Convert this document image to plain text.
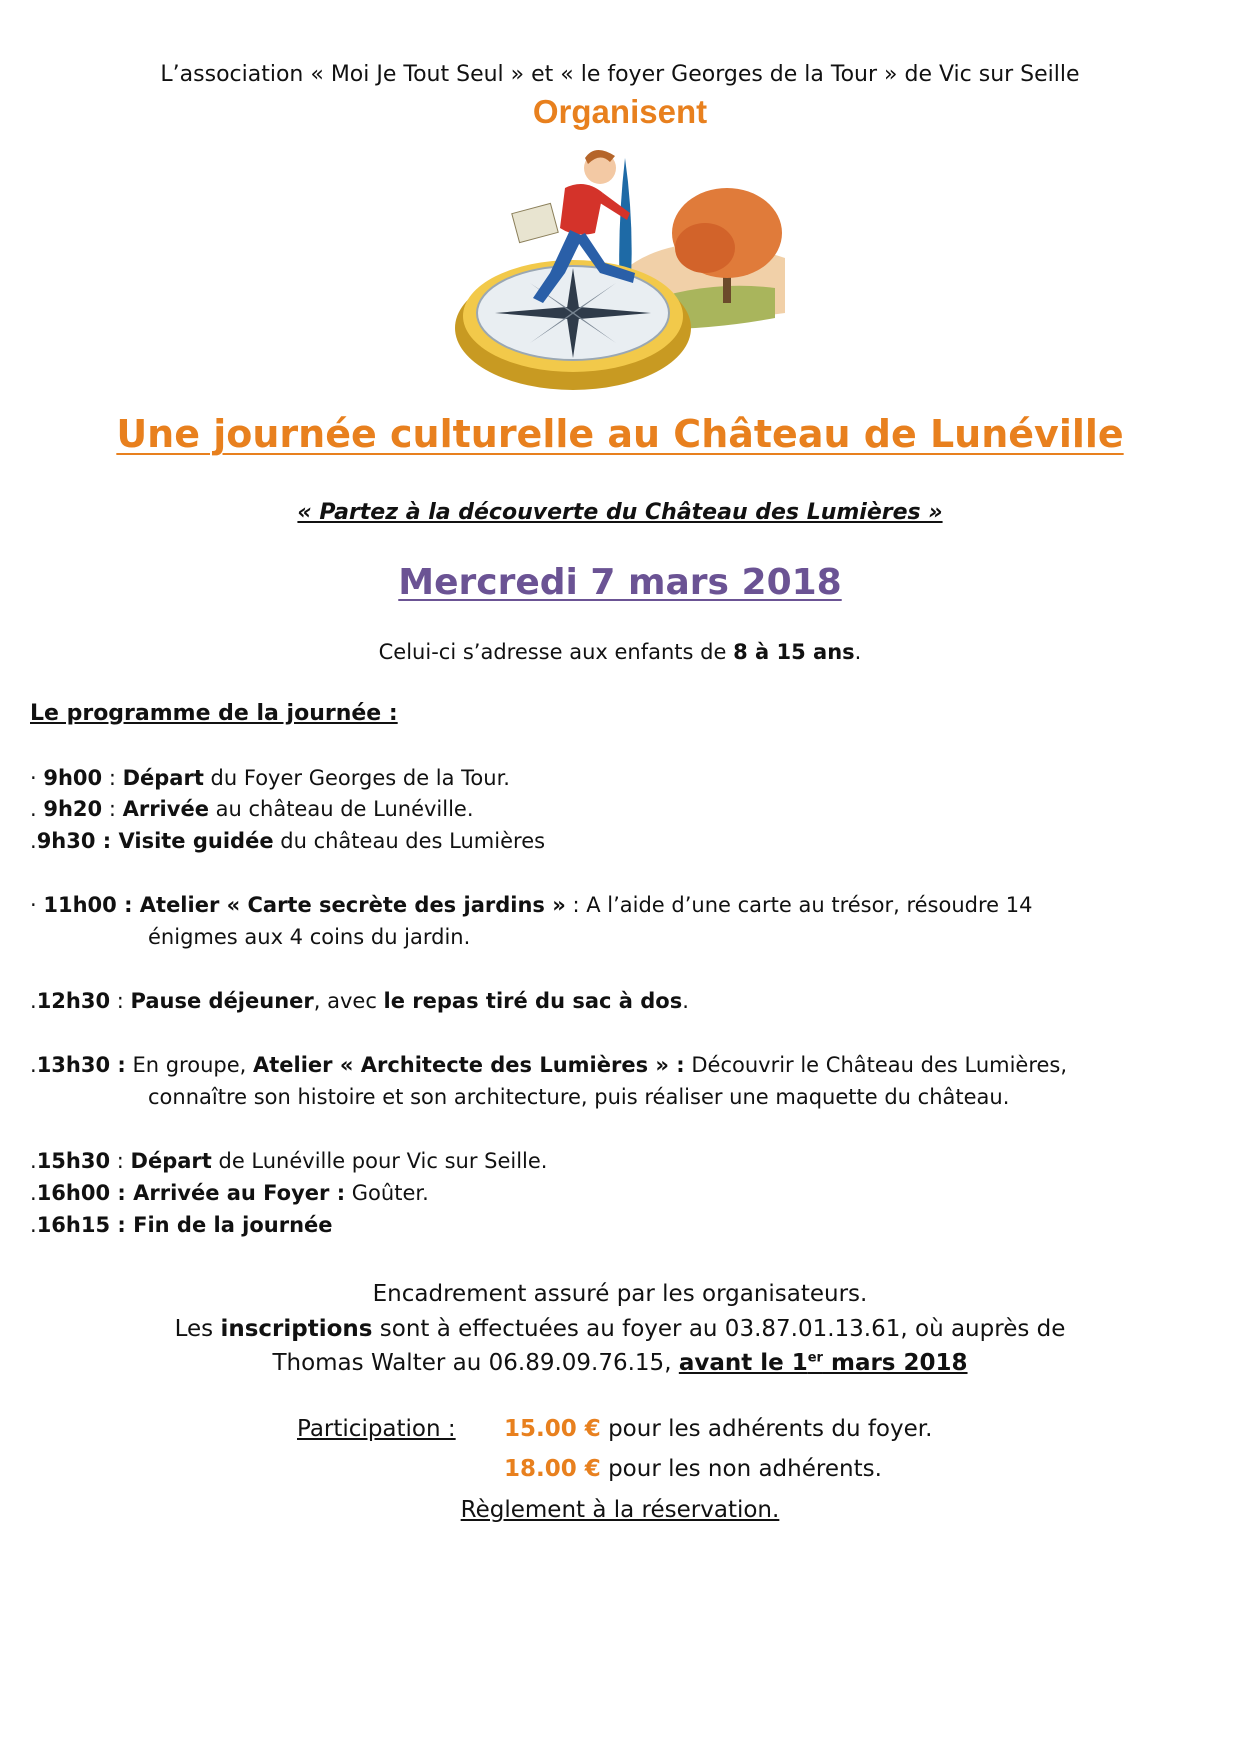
L’association « Moi Je Tout Seul » et « le foyer Georges de la Tour » de Vic sur Seille
Organisent
Une journée culturelle au Château de Lunéville
« Partez à la découverte du Château des Lumières »
Mercredi 7 mars 2018
Celui-ci s’adresse aux enfants de 8 à 15 ans.
Le programme de la journée :
· 9h00 : Départ du Foyer Georges de la Tour.
. 9h20 : Arrivée au château de Lunéville.
.9h30 : Visite guidée du château des Lumières
· 11h00 : Atelier « Carte secrète des jardins » : A l’aide d’une carte au trésor, résoudre 14
énigmes aux 4 coins du jardin.
.12h30 : Pause déjeuner, avec le repas tiré du sac à dos.
.13h30 : En groupe, Atelier « Architecte des Lumières » : Découvrir le Château des Lumières,
connaître son histoire et son architecture, puis réaliser une maquette du château.
.15h30 : Départ de Lunéville pour Vic sur Seille.
.16h00 : Arrivée au Foyer : Goûter.
.16h15 : Fin de la journée
Encadrement assuré par les organisateurs.
Les inscriptions sont à effectuées au foyer au 03.87.01.13.61, où auprès de
Thomas Walter au 06.89.09.76.15, avant le 1er mars 2018
Participation : 15.00 € pour les adhérents du foyer.
18.00 € pour les non adhérents.
Règlement à la réservation.
